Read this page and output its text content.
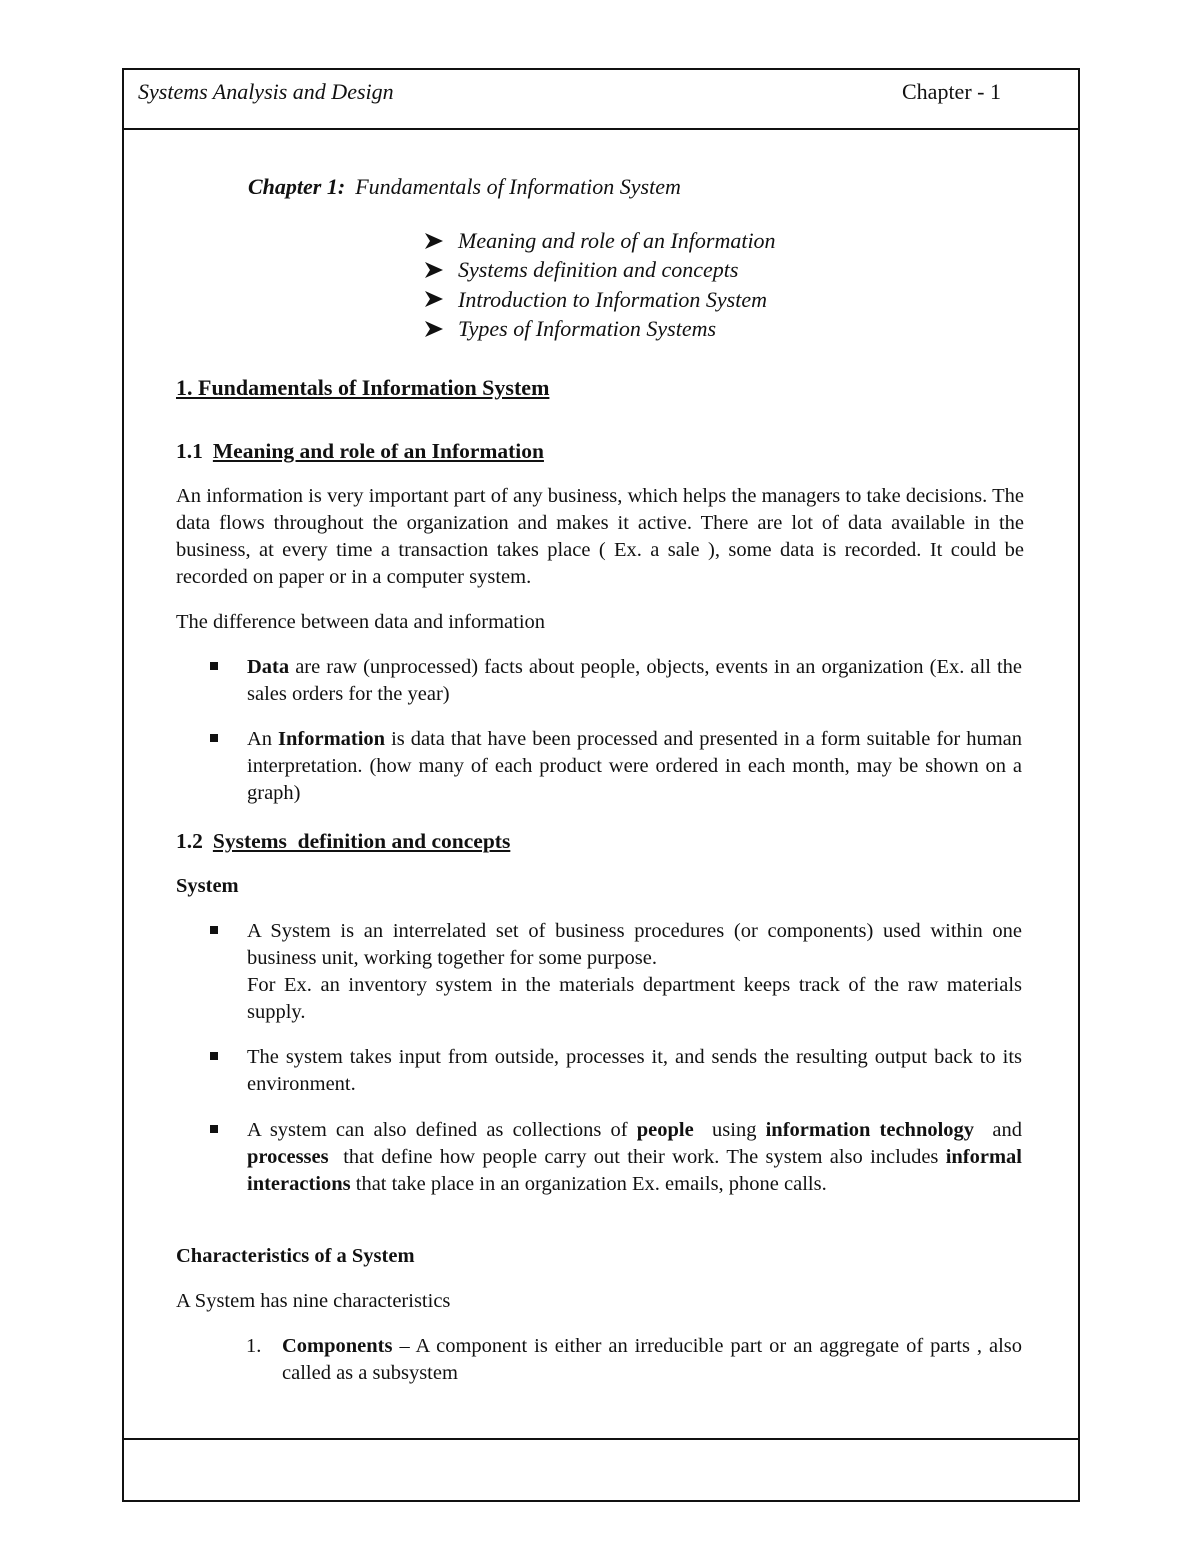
Systems Analysis and Design	Chapter - 1
Chapter 1: Fundamentals of Information System
Meaning and role of an Information
Systems definition and concepts
Introduction to Information System
Types of Information Systems
1. Fundamentals of Information System
1.1 Meaning and role of an Information
An information is very important part of any business, which helps the managers to take decisions. The data flows throughout the organization and makes it active. There are lot of data available in the business, at every time a transaction takes place ( Ex. a sale ), some data is recorded. It could be recorded on paper or in a computer system.
The difference between data and information
Data are raw (unprocessed) facts about people, objects, events in an organization (Ex. all the sales orders for the year)
An Information is data that have been processed and presented in a form suitable for human interpretation. (how many of each product were ordered in each month, may be shown on a graph)
1.2 Systems  definition and concepts
System
A System is an interrelated set of business procedures (or components) used within one business unit, working together for some purpose.
For Ex. an inventory system in the materials department keeps track of the raw materials supply.
The system takes input from outside, processes it, and sends the resulting output back to its environment.
A system can also defined as collections of people  using information technology  and processes  that define how people carry out their work. The system also includes informal interactions that take place in an organization Ex. emails, phone calls.
Characteristics of a System
A System has nine characteristics
1. Components – A component is either an irreducible part or an aggregate of parts , also called as a subsystem
